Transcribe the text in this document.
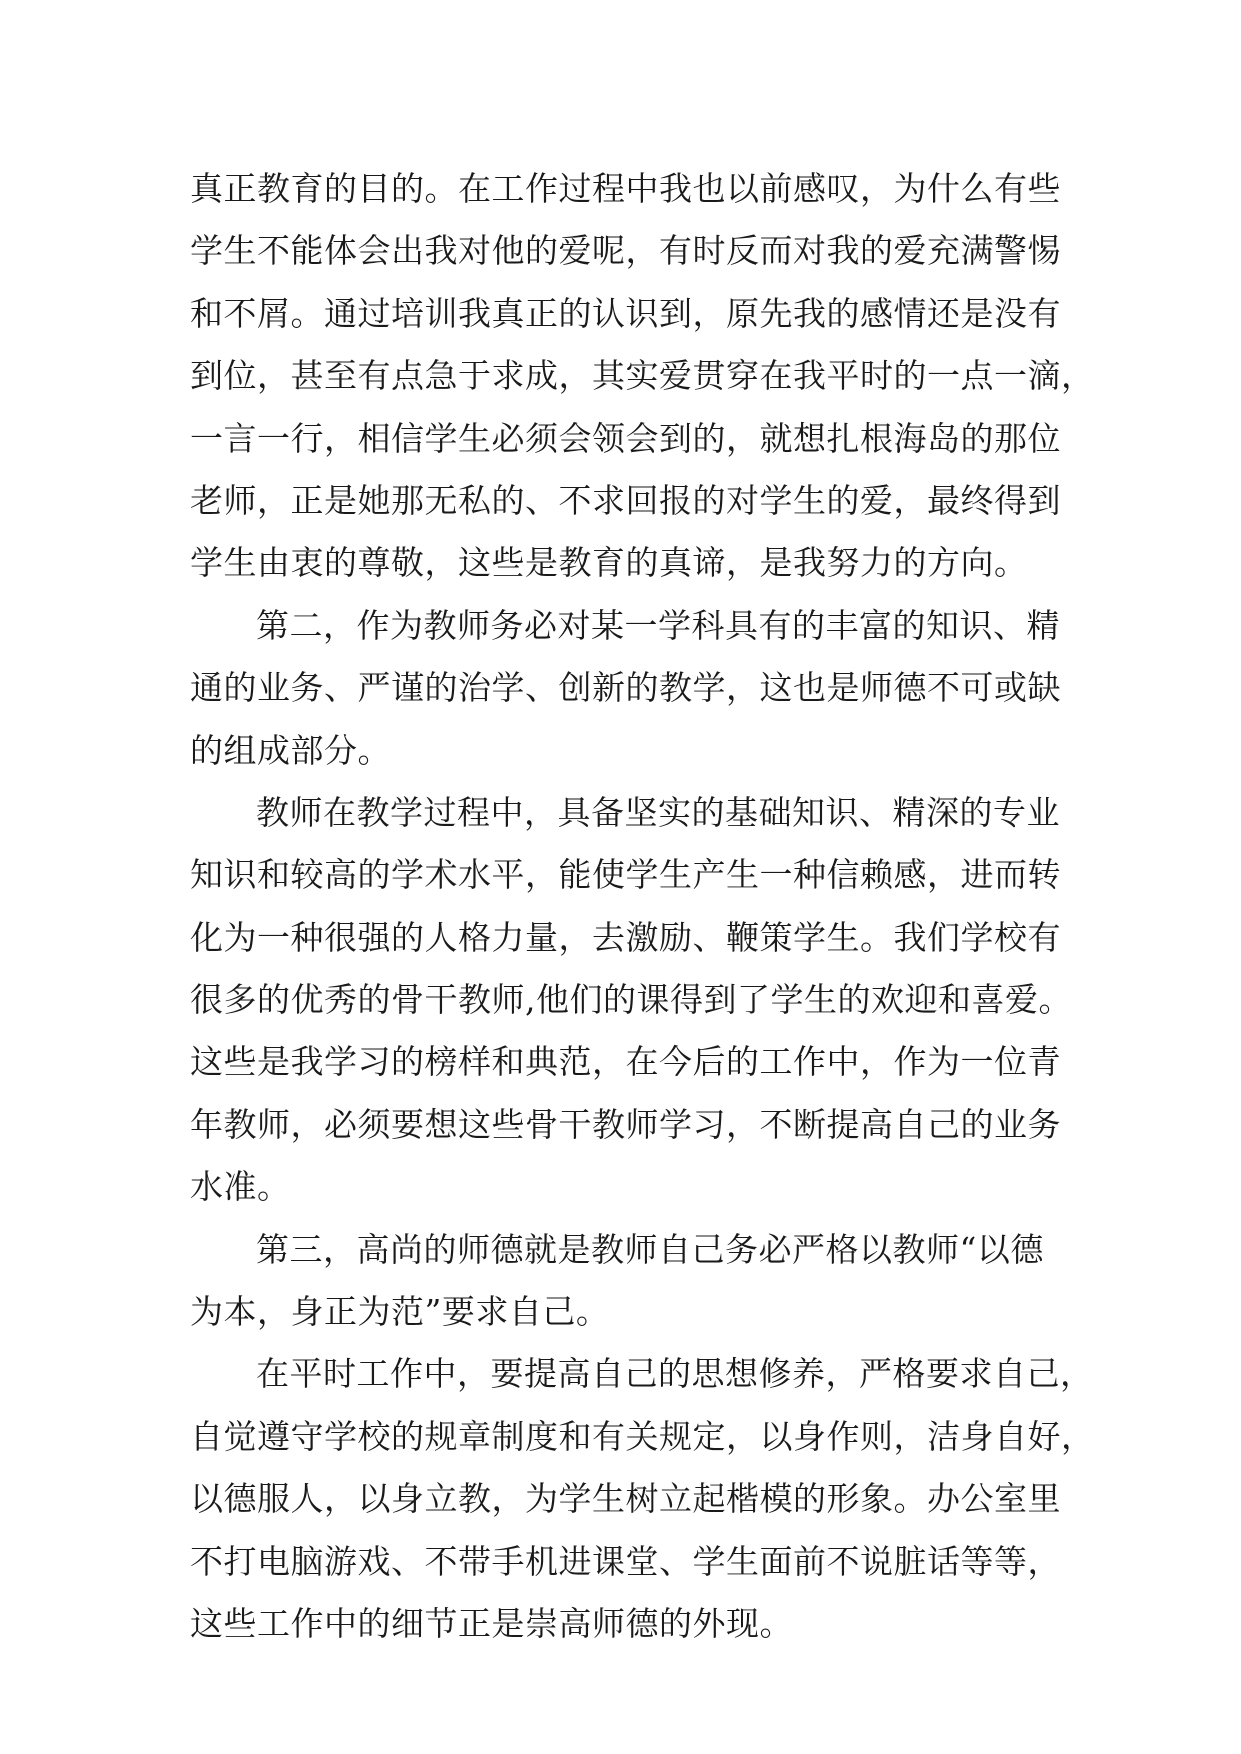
真正教育的目的。在工作过程中我也以前感叹，为什么有些
学生不能体会出我对他的爱呢，有时反而对我的爱充满警惕
和不屑。通过培训我真正的认识到，原先我的感情还是没有
到位，甚至有点急于求成，其实爱贯穿在我平时的一点一滴，
一言一行，相信学生必须会领会到的，就想扎根海岛的那位
老师，正是她那无私的、不求回报的对学生的爱，最终得到
学生由衷的尊敬，这些是教育的真谛，是我努力的方向。
第二，作为教师务必对某一学科具有的丰富的知识、精
通的业务、严谨的治学、创新的教学，这也是师德不可或缺
的组成部分。
教师在教学过程中，具备坚实的基础知识、精深的专业
知识和较高的学术水平，能使学生产生一种信赖感，进而转
化为一种很强的人格力量，去激励、鞭策学生。我们学校有
很多的优秀的骨干教师,他们的课得到了学生的欢迎和喜爱。
这些是我学习的榜样和典范，在今后的工作中，作为一位青
年教师，必须要想这些骨干教师学习，不断提高自己的业务
水准。
第三，高尚的师德就是教师自己务必严格以教师“以德
为本，身正为范”要求自己。
在平时工作中，要提高自己的思想修养，严格要求自己，
自觉遵守学校的规章制度和有关规定，以身作则，洁身自好，
以德服人，以身立教，为学生树立起楷模的形象。办公室里
不打电脑游戏、不带手机进课堂、学生面前不说脏话等等，
这些工作中的细节正是崇高师德的外现。
